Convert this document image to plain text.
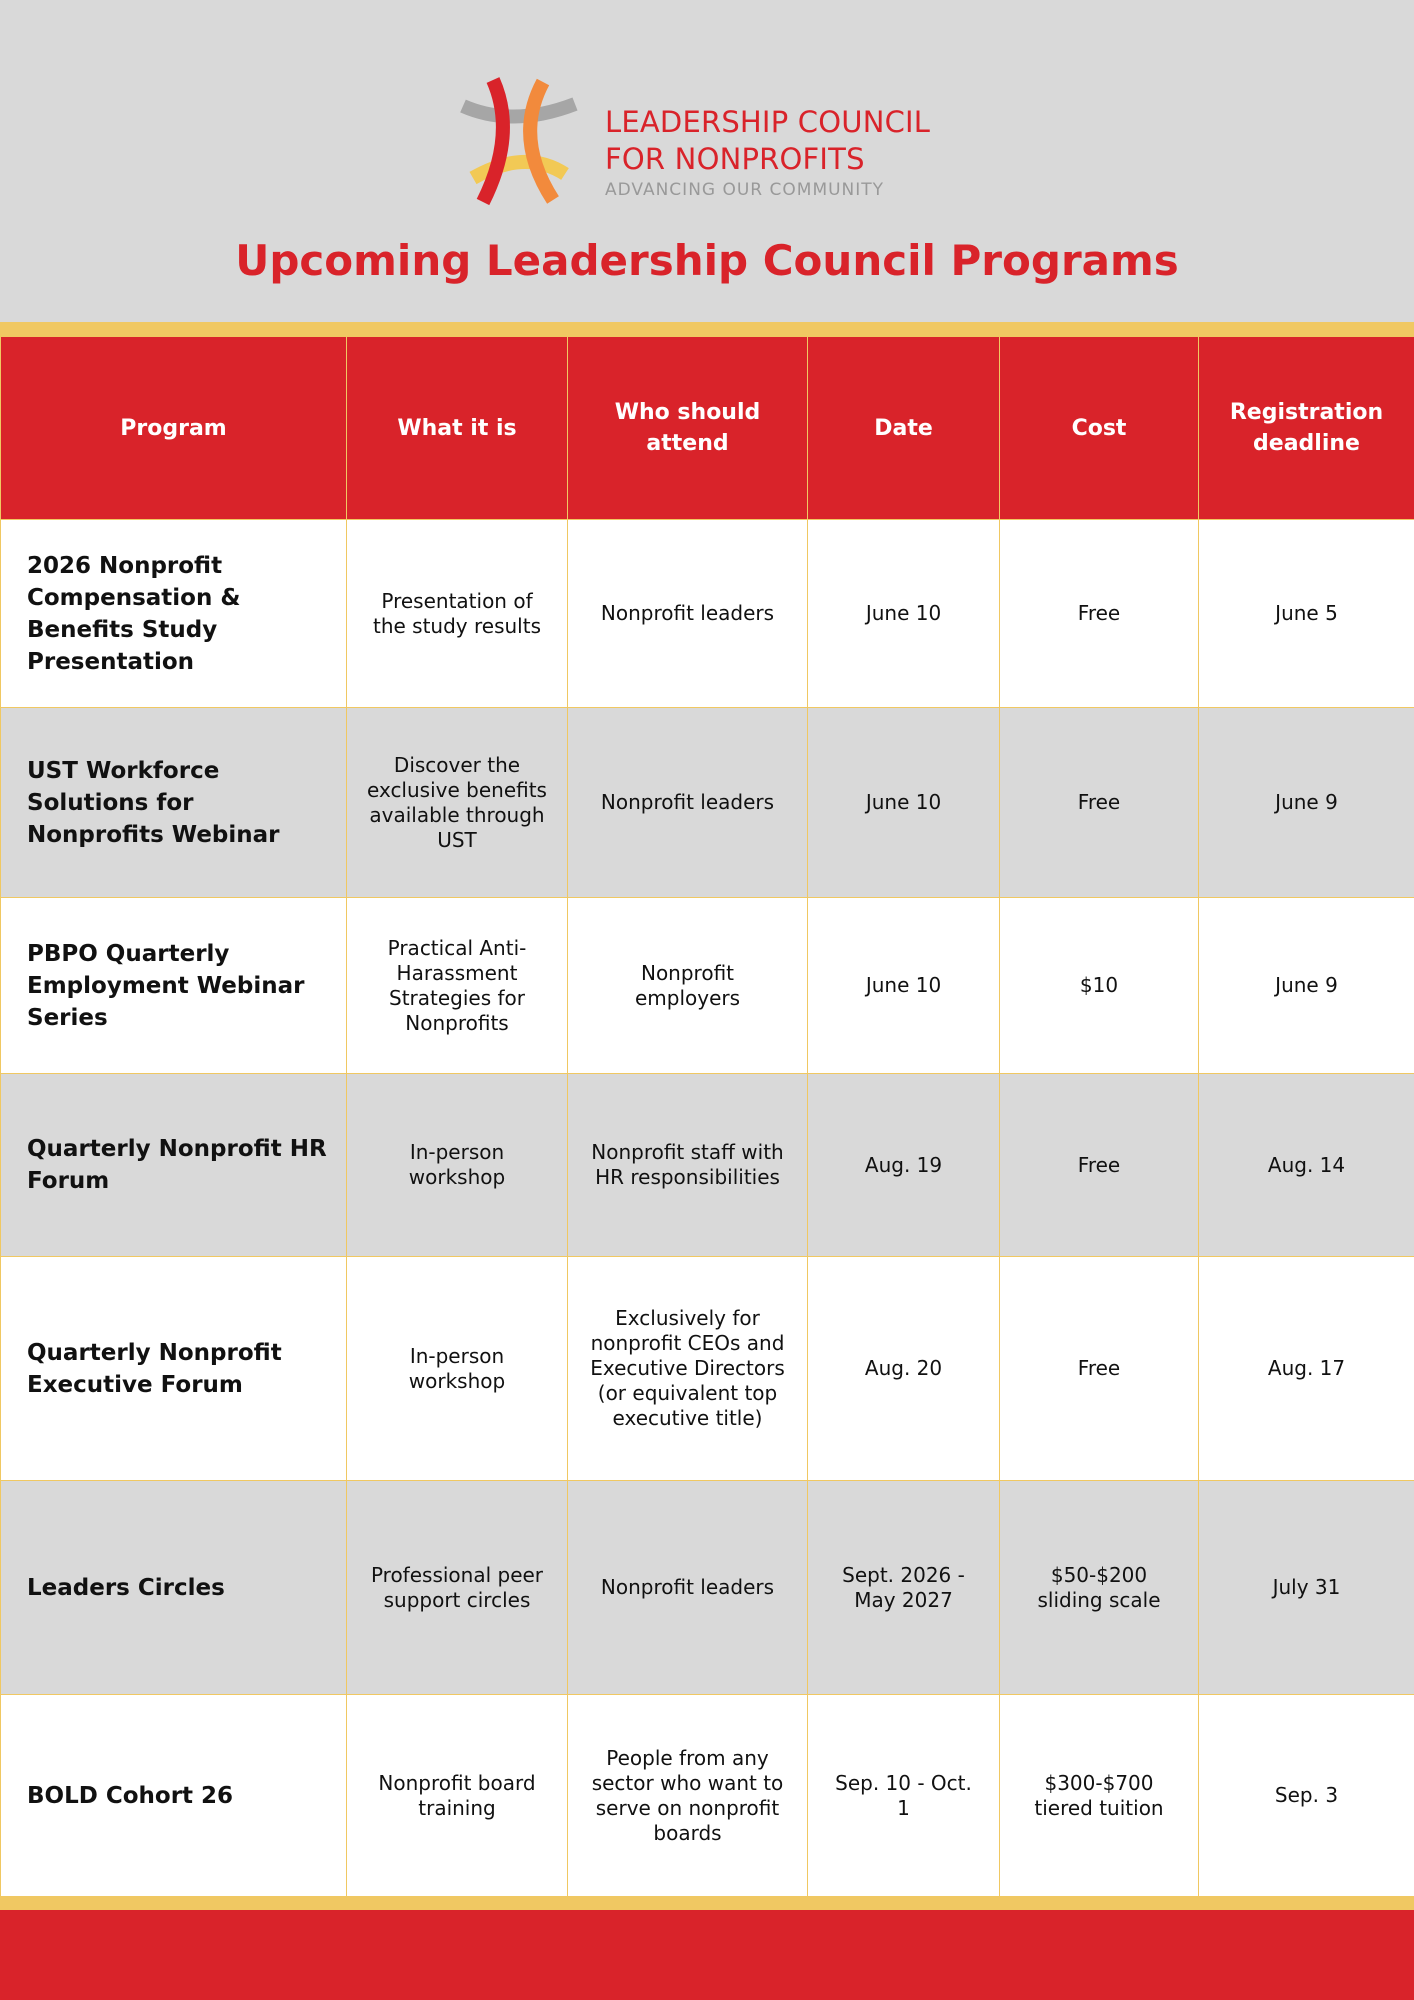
LEADERSHIP COUNCIL
FOR NONPROFITS
ADVANCING OUR COMMUNITY
Upcoming Leadership Council Programs
Program	What it is	Who should attend	Date	Cost	Registration deadline
2026 Nonprofit Compensation & Benefits Study Presentation	Presentation of the study results	Nonprofit leaders	June 10	Free	June 5
UST Workforce Solutions for Nonprofits Webinar	Discover the exclusive benefits available through UST	Nonprofit leaders	June 10	Free	June 9
PBPO Quarterly Employment Webinar Series	Practical Anti-Harassment Strategies for Nonprofits	Nonprofit employers	June 10	$10	June 9
Quarterly Nonprofit HR Forum	In-person workshop	Nonprofit staff with HR responsibilities	Aug. 19	Free	Aug. 14
Quarterly Nonprofit Executive Forum	In-person workshop	Exclusively for nonprofit CEOs and Executive Directors (or equivalent top executive title)	Aug. 20	Free	Aug. 17
Leaders Circles	Professional peer support circles	Nonprofit leaders	Sept. 2026 - May 2027	$50-$200 sliding scale	July 31
BOLD Cohort 26	Nonprofit board training	People from any sector who want to serve on nonprofit boards	Sep. 10 - Oct. 1	$300-$700 tiered tuition	Sep. 3
